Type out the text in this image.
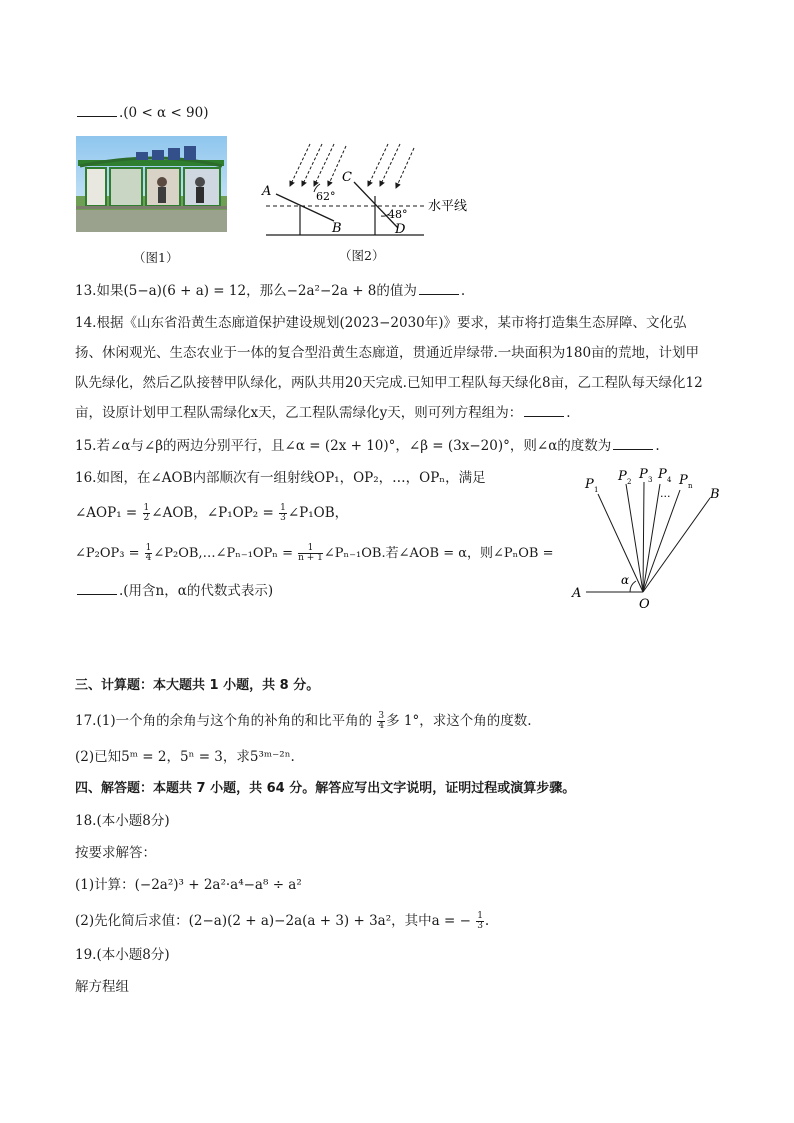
.(0 < α < 90)
（图1）
A
B
C
D
62°
48°
水平线
（图2）
13.如果(5−a)(6 + a) = 12，那么−2a²−2a + 8的值为	.
14.根据《山东省沿黄生态廊道保护建设规划(2023−2030年)》要求，某市将打造集生态屏障、文化弘
扬、休闲观光、生态农业于一体的复合型沿黄生态廊道，贯通近岸绿带.一块面积为180亩的荒地，计划甲
队先绿化，然后乙队接替甲队绿化，两队共用20天完成.已知甲工程队每天绿化8亩，乙工程队每天绿化12
亩，设原计划甲工程队需绿化x天，乙工程队需绿化y天，则可列方程组为：	.
15.若∠α与∠β的两边分别平行，且∠α = (2x + 10)°，∠β = (3x−20)°，则∠α的度数为	.
16.如图，在∠AOB内部顺次有一组射线OP₁，OP₂，…，OPₙ，满足
∠AOP₁ = $\frac{1}{2}$ ∠AOB，∠P₁OP₂ = $\frac{1}{3}$ ∠P₁OB，
∠P₂OP₃ = $\frac{1}{4}$ ∠P₂OB,…∠Pₙ₋₁OPₙ = $\frac{1}{n + 1}$ ∠Pₙ₋₁OB.若∠AOB = α，则∠PₙOB =
.(用含n，α的代数式表示)
P 1
P 2 P 3 P 4 P n
···	B
A
O
α
三、计算题：本大题共 1 小题，共 8 分。
17.(1)一个角的余角与这个角的补角的和比平角的 $\frac{3}{4}$ 多 1°，求这个角的度数.
(2)已知5ᵐ = 2，5ⁿ = 3，求5³ᵐ⁻²ⁿ.
四、解答题：本题共 7 小题，共 64 分。解答应写出文字说明，证明过程或演算步骤。
18.(本小题8分)
按要求解答：
(1)计算：(−2a²)³ + 2a²·a⁴−a⁸ ÷ a²
(2)先化简后求值：(2−a)(2 + a)−2a(a + 3) + 3a²，其中a = − $\frac{1}{3}$ .
19.(本小题8分)
解方程组
